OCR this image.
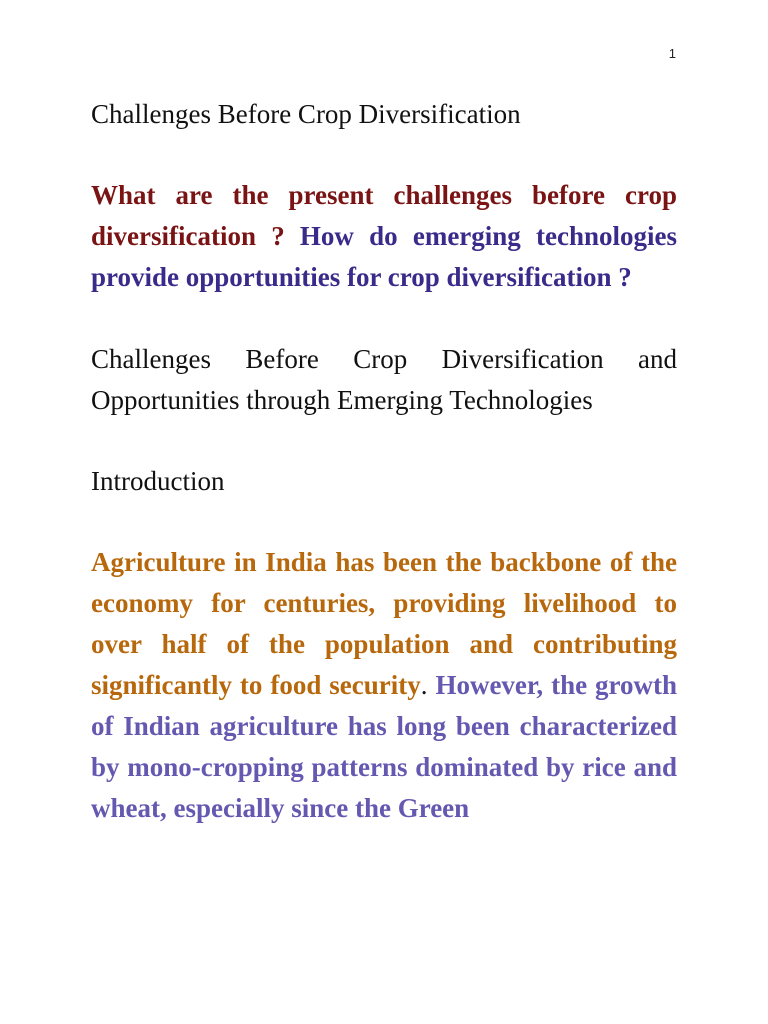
1

Challenges Before Crop Diversification

What are the present challenges before crop diversification ? How do emerging technologies provide opportunities for crop diversification ?

Challenges Before Crop Diversification and Opportunities through Emerging Technologies

Introduction

Agriculture in India has been the backbone of the economy for centuries, providing livelihood to over half of the population and contributing significantly to food security. However, the growth of Indian agriculture has long been characterized by mono-cropping patterns dominated by rice and wheat, especially since the Green
